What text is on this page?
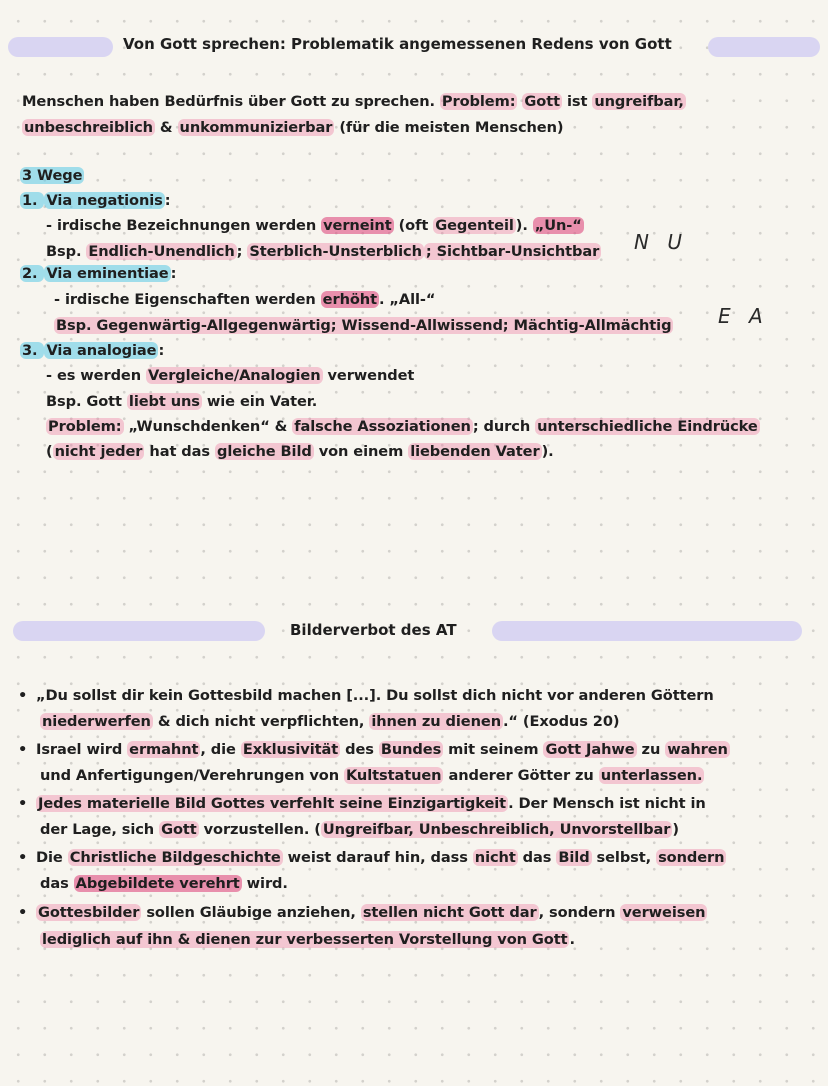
Von Gott sprechen: Problematik angemessenen Redens von Gott
Menschen haben Bedürfnis über Gott zu sprechen. Problem: Gott ist ungreifbar,
unbeschreiblich & unkommunizierbar (für die meisten Menschen)
3 Wege
1. Via negationis :
- irdische Bezeichnungen werden verneint (oft Gegenteil ). „Un-“
Bsp. Endlich-Unendlich ; Sterblich-Unsterblich ; Sichtbar-Unsichtbar N U
2. Via eminentiae :
- irdische Eigenschaften werden erhöht . „All-“
Bsp. Gegenwärtig-Allgegenwärtig; Wissend-Allwissend; Mächtig-Allmächtig E A
3. Via analogiae :
- es werden Vergleiche/Analogien verwendet
Bsp. Gott liebt uns wie ein Vater.
Problem: „Wunschdenken“ & falsche Assoziationen ; durch unterschiedliche Eindrücke
( nicht jeder hat das gleiche Bild von einem liebenden Vater ).
Bilderverbot des AT
• „Du sollst dir kein Gottesbild machen [...]. Du sollst dich nicht vor anderen Göttern
niederwerfen & dich nicht verpflichten, ihnen zu dienen .“ (Exodus 20)
• Israel wird ermahnt , die Exklusivität des Bundes mit seinem Gott Jahwe zu wahren
und Anfertigungen/Verehrungen von Kultstatuen anderer Götter zu unterlassen.
• Jedes materielle Bild Gottes verfehlt seine Einzigartigkeit . Der Mensch ist nicht in
der Lage, sich Gott vorzustellen. ( Ungreifbar, Unbeschreiblich, Unvorstellbar )
• Die Christliche Bildgeschichte weist darauf hin, dass nicht das Bild selbst, sondern
das Abgebildete verehrt wird.
• Gottesbilder sollen Gläubige anziehen, stellen nicht Gott dar , sondern verweisen
lediglich auf ihn & dienen zur verbesserten Vorstellung von Gott .
